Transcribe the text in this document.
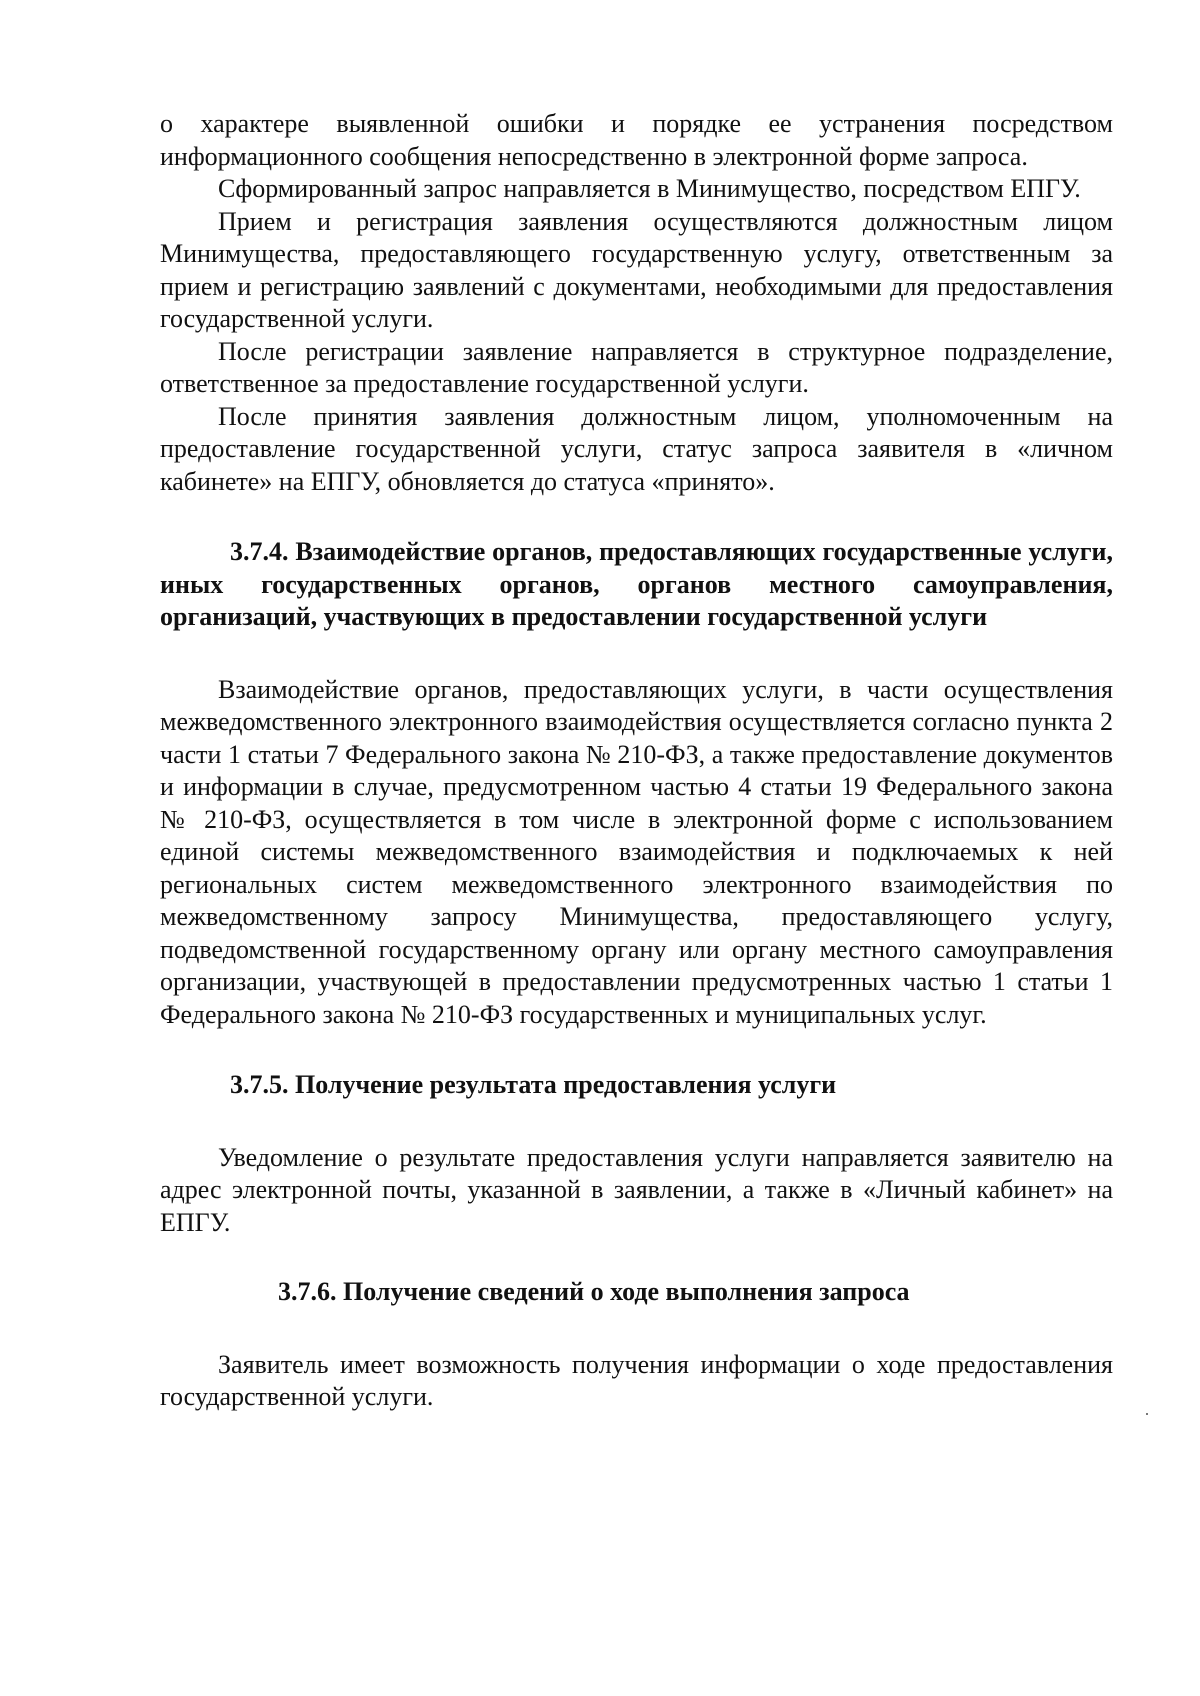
о характере выявленной ошибки и порядке ее устранения посредством информационного сообщения непосредственно в электронной форме запроса.

Сформированный запрос направляется в Минимущество, посредством ЕПГУ.

Прием и регистрация заявления осуществляются должностным лицом Минимущества, предоставляющего государственную услугу, ответственным за прием и регистрацию заявлений с документами, необходимыми для предоставления государственной услуги.

После регистрации заявление направляется в структурное подразделение, ответственное за предоставление государственной услуги.

После принятия заявления должностным лицом, уполномоченным на предоставление государственной услуги, статус запроса заявителя в «личном кабинете» на ЕПГУ, обновляется до статуса «принято».

3.7.4. Взаимодействие органов, предоставляющих государственные услуги, иных государственных органов, органов местного самоуправления, организаций, участвующих в предоставлении государственной услуги

Взаимодействие органов, предоставляющих услуги, в части осуществления межведомственного электронного взаимодействия осуществляется согласно пункта 2 части 1 статьи 7 Федерального закона № 210-ФЗ, а также предоставление документов и информации в случае, предусмотренном частью 4 статьи 19 Федерального закона № 210-ФЗ, осуществляется в том числе в электронной форме с использованием единой системы межведомственного взаимодействия и подключаемых к ней региональных систем межведомственного электронного взаимодействия по межведомственному запросу Минимущества, предоставляющего услугу, подведомственной государственному органу или органу местного самоуправления организации, участвующей в предоставлении предусмотренных частью 1 статьи 1 Федерального закона № 210-ФЗ государственных и муниципальных услуг.

3.7.5. Получение результата предоставления услуги

Уведомление о результате предоставления услуги направляется заявителю на адрес электронной почты, указанной в заявлении, а также в «Личный кабинет» на ЕПГУ.

3.7.6. Получение сведений о ходе выполнения запроса

Заявитель имеет возможность получения информации о ходе предоставления государственной услуги.
